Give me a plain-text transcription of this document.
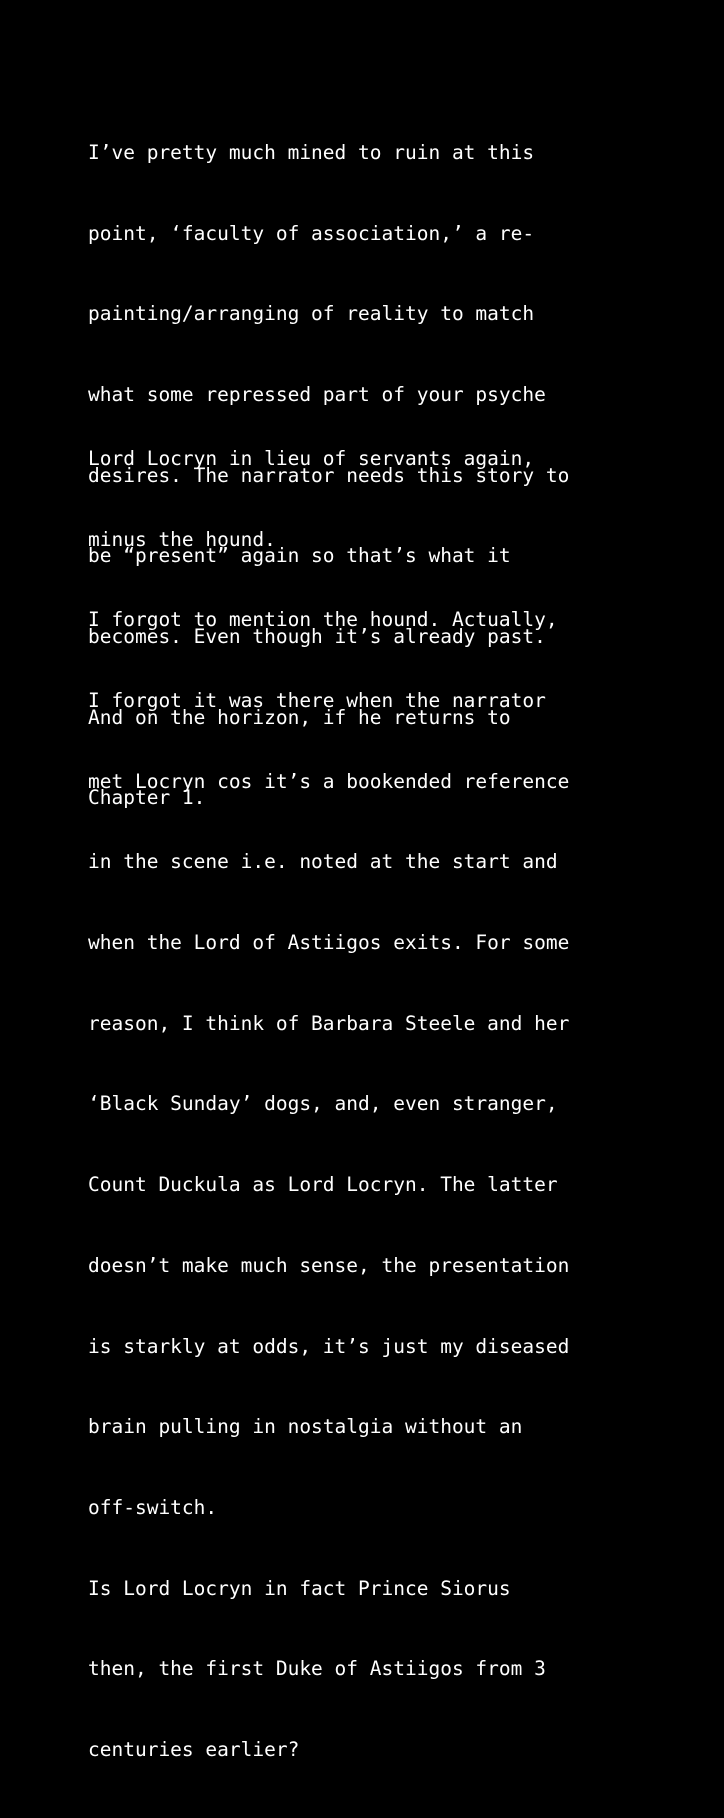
I’ve pretty much mined to ruin at this

point, ‘faculty of association,’ a re-

painting/arranging of reality to match

what some repressed part of your psyche

desires. The narrator needs this story to

be “present” again so that’s what it

becomes. Even though it’s already past.

And on the horizon, if he returns to

Chapter 1.

Lord Locryn in lieu of servants again,

minus the hound.

I forgot to mention the hound. Actually,

I forgot it was there when the narrator

met Locryn cos it’s a bookended reference

in the scene i.e. noted at the start and

when the Lord of Astiigos exits. For some

reason, I think of Barbara Steele and her

‘Black Sunday’ dogs, and, even stranger,

Count Duckula as Lord Locryn. The latter

doesn’t make much sense, the presentation

is starkly at odds, it’s just my diseased

brain pulling in nostalgia without an

off-switch.

Is Lord Locryn in fact Prince Siorus

then, the first Duke of Astiigos from 3

centuries earlier?
